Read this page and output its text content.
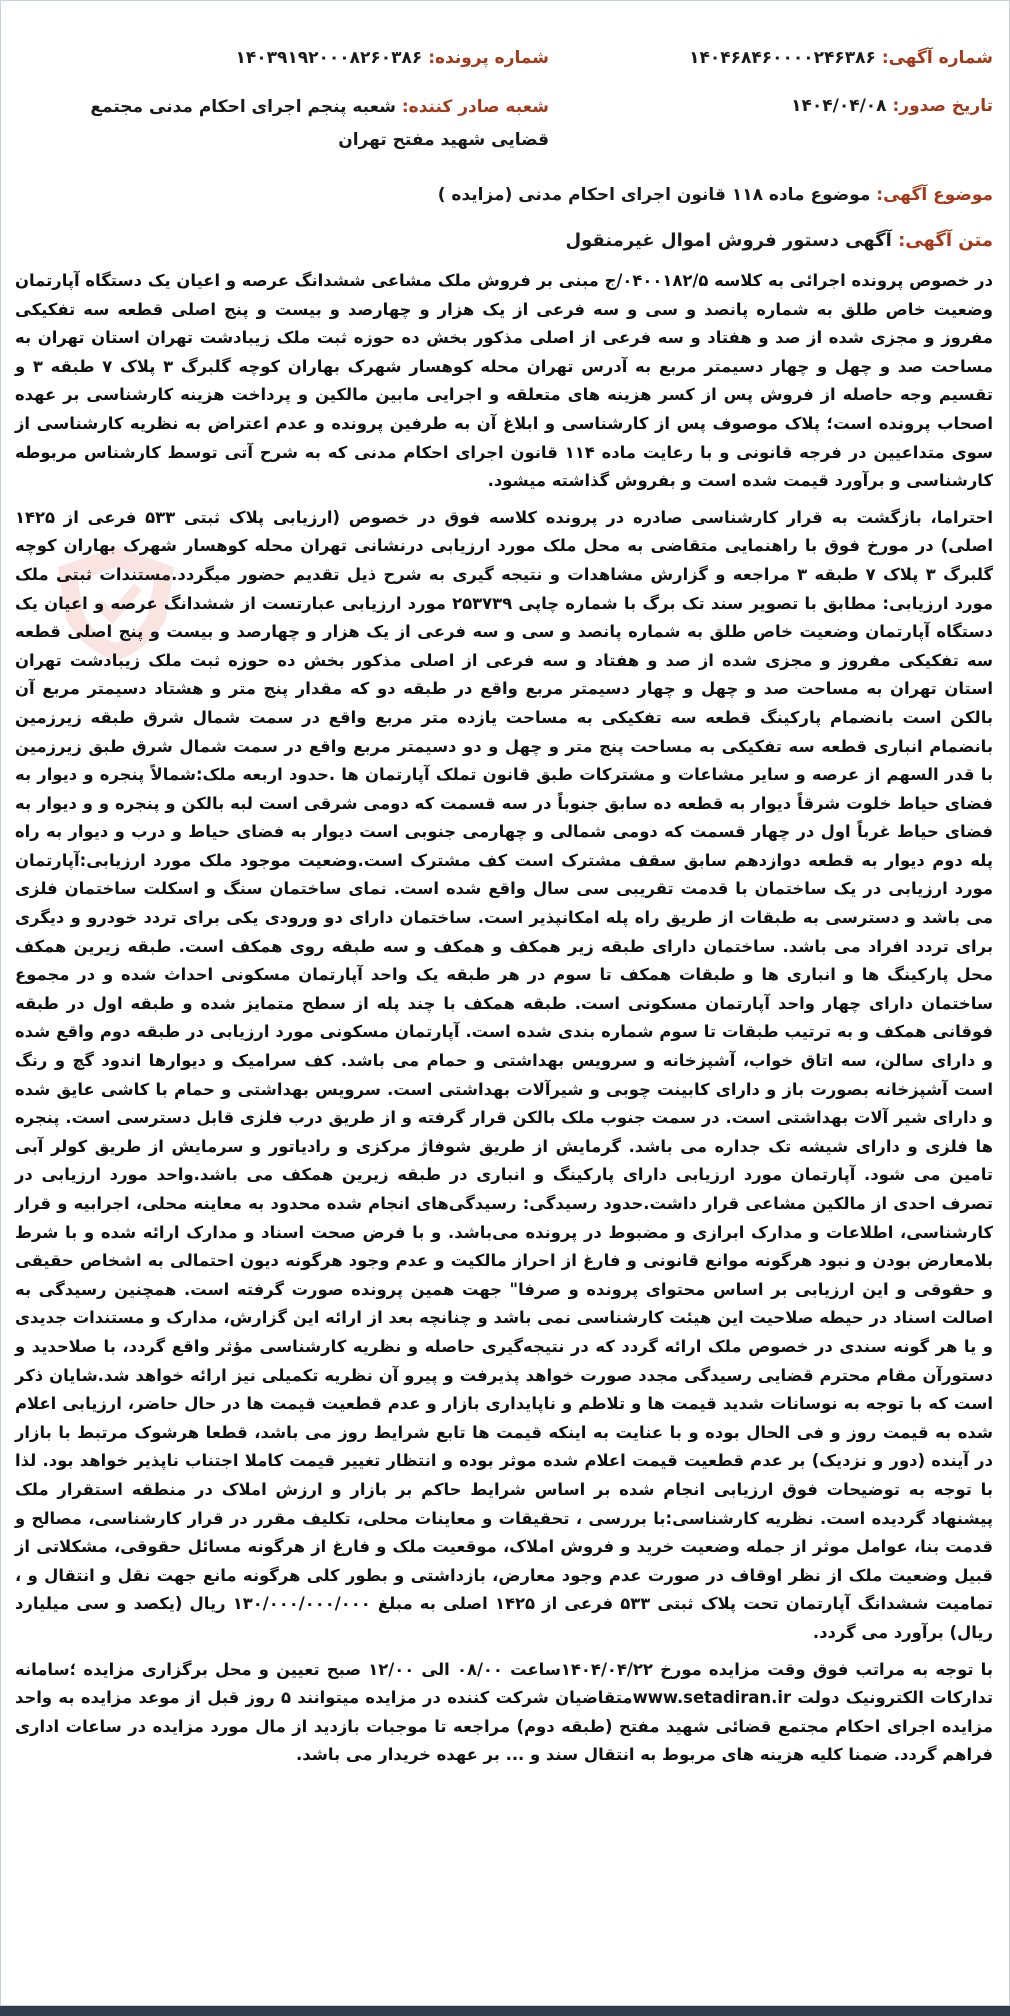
شماره آگهی: ۱۴۰۴۶۸۴۶۰۰۰۰۲۴۶۳۸۶
شماره پرونده: ۱۴۰۳۹۱۹۲۰۰۰۸۲۶۰۳۸۶
تاریخ صدور: ۱۴۰۴/۰۴/۰۸
شعبه صادر کننده: شعبه پنجم اجرای احکام مدنی مجتمع قضایی شهید مفتح تهران
موضوع آگهی: موضوع ماده ۱۱۸ قانون اجرای احکام مدنی (مزایده )
متن آگهی: آگهی دستور فروش اموال غیرمنقول

در خصوص پرونده اجرائی به کلاسه ۰۴۰۰۱۸۲/۵/ج مبنی بر فروش ملک مشاعی ششدانگ عرصه و اعیان یک دستگاه آپارتمان وضعیت خاص طلق به شماره پانصد و سی و سه فرعی از یک هزار و چهارصد و بیست و پنج اصلی قطعه سه تفکیکی مفروز و مجزی شده از صد و هفتاد و سه فرعی از اصلی مذکور بخش ده حوزه ثبت ملک زیبادشت تهران استان تهران به مساحت صد و چهل و چهار دسیمتر مربع به آدرس تهران محله کوهسار شهرک بهاران کوچه گلبرگ ۳ پلاک ۷ طبقه ۳ و تقسیم وجه حاصله از فروش پس از کسر هزینه های متعلقه و اجرایی مابین مالکین و پرداخت هزینه کارشناسی بر عهده اصحاب پرونده است؛ پلاک موصوف پس از کارشناسی و ابلاغ آن به طرفین پرونده و عدم اعتراض به نظریه کارشناسی از سوی متداعیین در فرجه قانونی و با رعایت ماده ۱۱۴ قانون اجرای احکام مدنی که به شرح آتی توسط کارشناس مربوطه کارشناسی و برآورد قیمت شده است و بفروش گذاشته میشود.

احتراما، بازگشت به قرار کارشناسی صادره در پرونده کلاسه فوق در خصوص (ارزیابی پلاک ثبتی ۵۳۳ فرعی از ۱۴۲۵ اصلی) در مورخ فوق با راهنمایی متقاضی به محل ملک مورد ارزیابی درنشانی تهران محله کوهسار شهرک بهاران کوچه گلبرگ ۳ پلاک ۷ طبقه ۳ مراجعه و گزارش مشاهدات و نتیجه گیری به شرح ذیل تقدیم حضور میگردد.مستندات ثبتی ملک مورد ارزیابی: مطابق با تصویر سند تک برگ با شماره چاپی ۲۵۳۷۳۹ مورد ارزیابی عبارتست از ششدانگ عرصه و اعیان یک دستگاه آپارتمان وضعیت خاص طلق به شماره پانصد و سی و سه فرعی از یک هزار و چهارصد و بیست و پنج اصلی قطعه سه تفکیکی مفروز و مجزی شده از صد و هفتاد و سه فرعی از اصلی مذکور بخش ده حوزه ثبت ملک زیبادشت تهران استان تهران به مساحت صد و چهل و چهار دسیمتر مربع واقع در طبقه دو که مقدار پنج متر و هشتاد دسیمتر مربع آن بالکن است بانضمام پارکینگ قطعه سه تفکیکی به مساحت یازده متر مربع واقع در سمت شمال شرق طبقه زیرزمین بانضمام انباری قطعه سه تفکیکی به مساحت پنج متر و چهل و دو دسیمتر مربع واقع در سمت شمال شرق طبق زیرزمین با قدر السهم از عرصه و سایر مشاعات و مشترکات طبق قانون تملک آپارتمان ها .حدود اربعه ملک:شمالاً پنجره و دیوار به فضای حیاط خلوت شرقاً دیوار به قطعه ده سابق جنوباً در سه قسمت که دومی شرقی است لبه بالکن و پنجره و و دیوار به فضای حیاط غرباً اول در چهار قسمت که دومی شمالی و چهارمی جنوبی است دیوار به فضای حیاط و درب و دیوار به راه پله دوم دیوار به قطعه دوازدهم سابق سقف مشترک است کف مشترک است.وضعیت موجود ملک مورد ارزیابی:آپارتمان مورد ارزیابی در یک ساختمان با قدمت تقریبی سی سال واقع شده است. نمای ساختمان سنگ و اسکلت ساختمان فلزی می باشد و دسترسی به طبقات از طریق راه پله امکانپذیر است. ساختمان دارای دو ورودی یکی برای تردد خودرو و دیگری برای تردد افراد می باشد. ساختمان دارای طبقه زیر همکف و همکف و سه طبقه روی همکف است. طبقه زیرین همکف محل پارکینگ ها و انباری ها و طبقات همکف تا سوم در هر طبقه یک واحد آپارتمان مسکونی احداث شده و در مجموع ساختمان دارای چهار واحد آپارتمان مسکونی است. طبقه همکف با چند پله از سطح متمایز شده و طبقه اول در طبقه فوقانی همکف و به ترتیب طبقات تا سوم شماره بندی شده است. آپارتمان مسکونی مورد ارزیابی در طبقه دوم واقع شده و دارای سالن، سه اتاق خواب، آشپزخانه و سرویس بهداشتی و حمام می باشد. کف سرامیک و دیوارها اندود گچ و رنگ است آشپزخانه بصورت باز و دارای کابینت چوبی و شیرآلات بهداشتی است. سرویس بهداشتی و حمام با کاشی عایق شده و دارای شیر آلات بهداشتی است. در سمت جنوب ملک بالکن قرار گرفته و از طریق درب فلزی قابل دسترسی است. پنجره ها فلزی و دارای شیشه تک جداره می باشد. گرمایش از طریق شوفاژ مرکزی و رادیاتور و سرمایش از طریق کولر آبی تامین می شود. آپارتمان مورد ارزیابی دارای پارکینگ و انباری در طبقه زیرین همکف می باشد.واحد مورد ارزیابی در تصرف احدی از مالکین مشاعی قرار داشت.حدود رسیدگی: رسیدگی‌های انجام شده محدود به معاینه محلی، اجرابیه و قرار کارشناسی، اطلاعات و مدارک ابرازی و مضبوط در پرونده می‌باشد. و با فرض صحت اسناد و مدارک ارائه شده و با شرط بلامعارض بودن و نبود هرگونه موانع قانونی و فارغ از احراز مالکیت و عدم وجود هرگونه دیون احتمالی به اشخاص حقیقی و حقوقی و این ارزیابی بر اساس محتوای پرونده و صرفا" جهت همین پرونده صورت گرفته است. همچنین رسیدگی به اصالت اسناد در حیطه صلاحیت این هیئت کارشناسی نمی باشد و چنانچه بعد از ارائه این گزارش، مدارک و مستندات جدیدی و یا هر گونه سندی در خصوص ملک ارائه گردد که در نتیجه‌گیری حاصله و نظریه کارشناسی مؤثر واقع گردد، با صلاحدید و دستورآن مقام محترم قضایی رسیدگی مجدد صورت خواهد پذیرفت و پیرو آن نظریه تکمیلی نیز ارائه خواهد شد.شایان ذکر است که با توجه به نوسانات شدید قیمت ها و تلاطم و ناپایداری بازار و عدم قطعیت قیمت ها در حال حاضر، ارزیابی اعلام شده به قیمت روز و فی الحال بوده و با عنایت به اینکه قیمت ها تابع شرایط روز می باشد، قطعا هرشوک مرتبط با بازار در آینده (دور و نزدیک) بر عدم قطعیت قیمت اعلام شده موثر بوده و انتظار تغییر قیمت کاملا اجتناب ناپذیر خواهد بود. لذا با توجه به توضیحات فوق ارزیابی انجام شده بر اساس شرایط حاکم بر بازار و ارزش املاک در منطقه استقرار ملک پیشنهاد گردیده است. نظریه کارشناسی:با بررسی ، تحقیقات و معاینات محلی، تکلیف مقرر در قرار کارشناسی، مصالح و قدمت بنا، عوامل موثر از جمله وضعیت خرید و فروش املاک، موقعیت ملک و فارغ از هرگونه مسائل حقوقی، مشکلاتی از قبیل وضعیت ملک از نظر اوقاف در صورت عدم وجود معارض، بازداشتی و بطور کلی هرگونه مانع جهت نقل و انتقال و ، تمامیت ششدانگ آپارتمان تحت پلاک ثبتی ۵۳۳ فرعی از ۱۴۲۵ اصلی به مبلغ ۱۳۰/۰۰۰/۰۰۰/۰۰۰ ریال (یکصد و سی میلیارد ریال) برآورد می گردد.

با توجه به مراتب فوق وقت مزایده مورخ ۱۴۰۴/۰۴/۲۲ساعت ۰۸/۰۰ الی ۱۲/۰۰ صبح تعیین و محل برگزاری مزایده ؛سامانه تدارکات الکترونیک دولت www.setadiran.irمتقاضیان شرکت کننده در مزایده میتوانند ۵ روز قبل از موعد مزایده به واحد مزایده اجرای احکام مجتمع قضائی شهید مفتح (طبقه دوم) مراجعه تا موجبات بازدید از مال مورد مزایده در ساعات اداری فراهم گردد. ضمنا کلیه هزینه های مربوط به انتقال سند و ... بر عهده خریدار می باشد.
